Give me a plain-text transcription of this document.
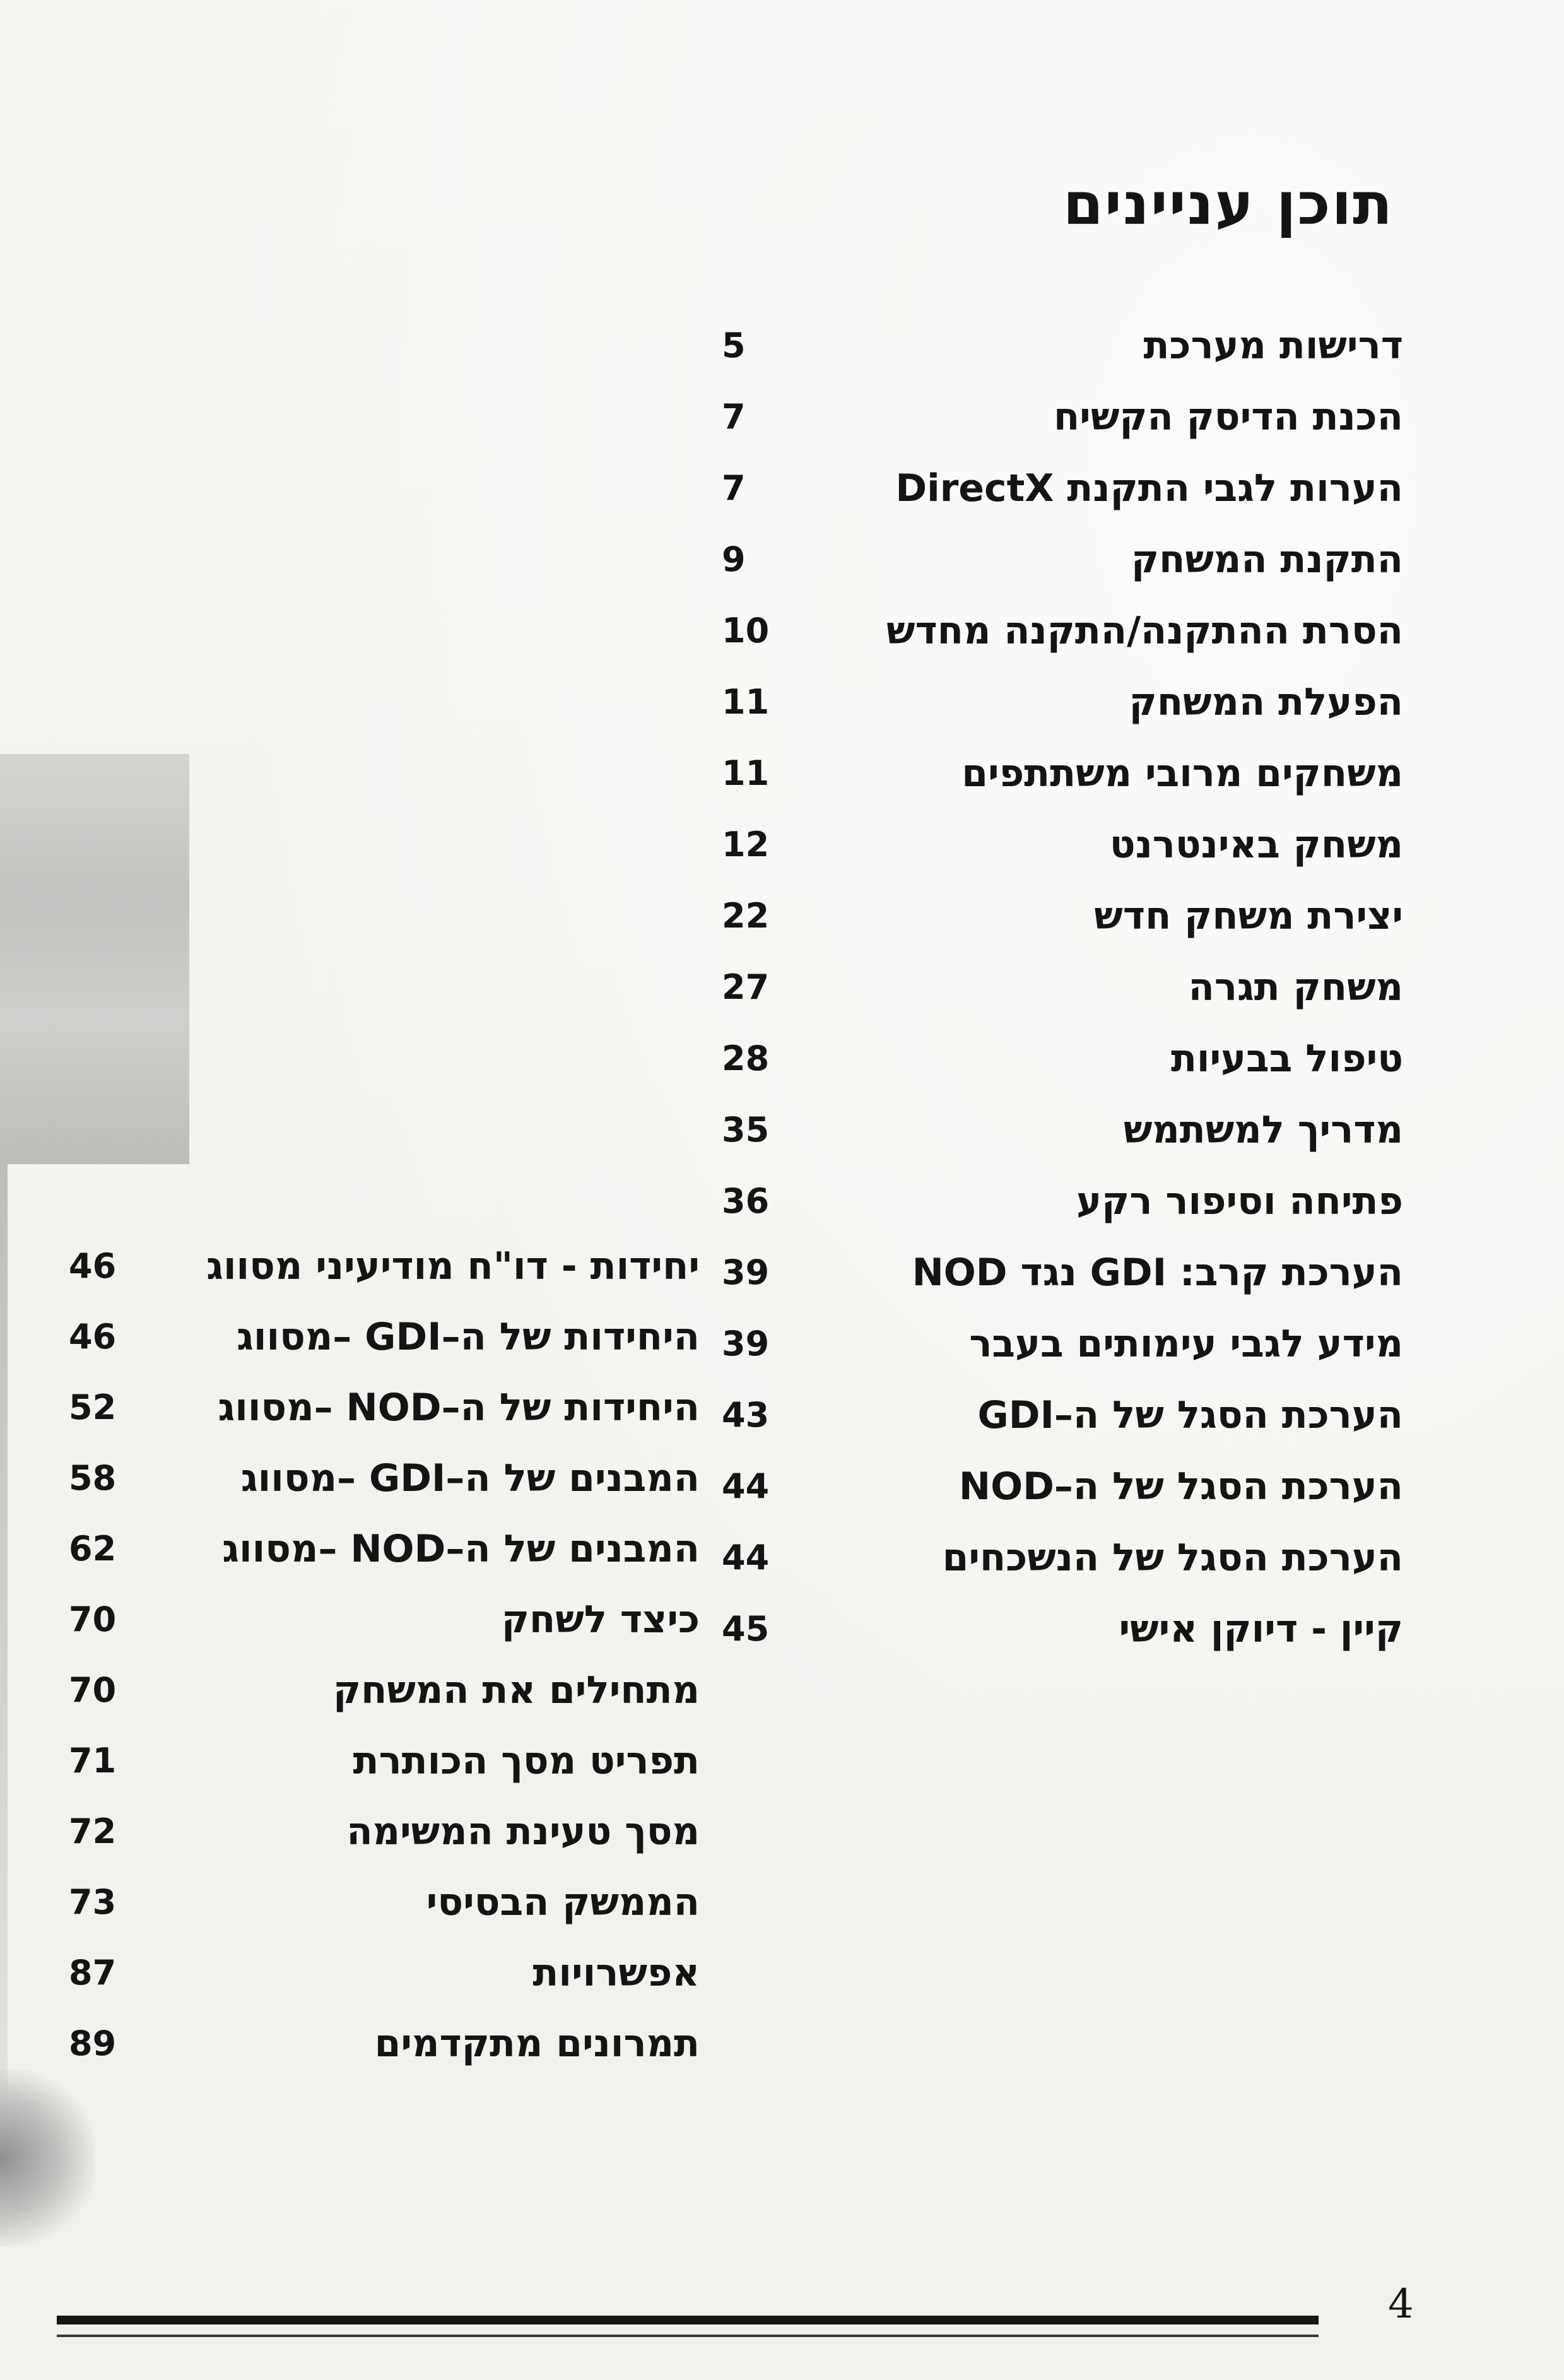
תוכן עניינים
דרישות מערכת
5
הכנת הדיסק הקשיח
7
הערות לגבי התקנת DirectX
7
התקנת המשחק
9
הסרת ההתקנה/התקנה מחדש
10
הפעלת המשחק
11
משחקים מרובי משתתפים
11
משחק באינטרנט
12
יצירת משחק חדש
22
משחק תגרה
27
טיפול בבעיות
28
מדריך למשתמש
35
פתיחה וסיפור רקע
36
הערכת קרב: GDI נגד NOD
39
מידע לגבי עימותים בעבר
39
הערכת הסגל של ה–GDI
43
הערכת הסגל של ה–NOD
44
הערכת הסגל של הנשכחים
44
קיין - דיוקן אישי
45
יחידות - דו"ח מודיעיני מסווג
46
היחידות של ה–GDI –מסווג
46
היחידות של ה–NOD –מסווג
52
המבנים של ה–GDI –מסווג
58
המבנים של ה–NOD –מסווג
62
כיצד לשחק
70
מתחילים את המשחק
70
תפריט מסך הכותרת
71
מסך טעינת המשימה
72
הממשק הבסיסי
73
אפשרויות
87
תמרונים מתקדמים
89
4
